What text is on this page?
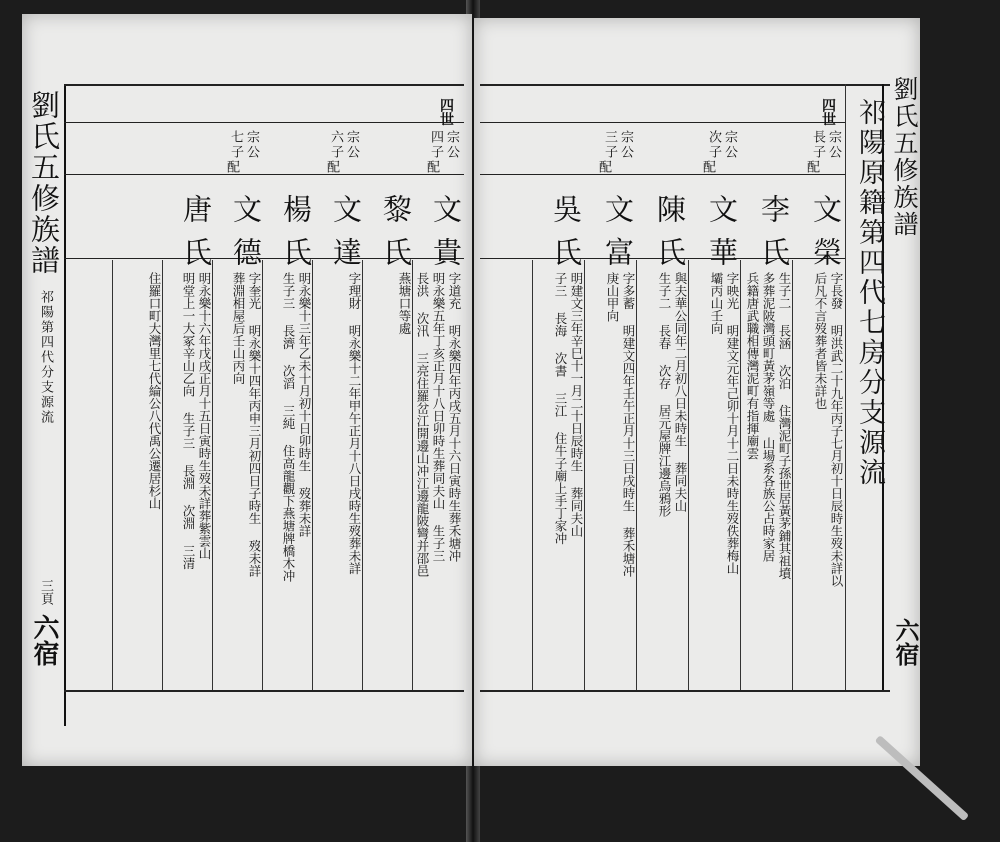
劉氏五修族譜
祁陽第四代分支源流
三頁
六宿
四世
宗公
四子
配
文貴
字道充 明永樂四年丙戌五月十六日寅時生葬禾塘冲
明永樂五年丁亥正月十八日卯時生葬同夫山 生子三
長洪 次汛 三亮住羅岔江開邊山冲江邊龍陂彎并邵邑
黎氏
燕塘口等處
宗公
六子
配
文達
字理財 明永樂十二年甲午正月十八日戌時生歿葬未詳
楊氏
明永樂十三年乙未十月初十日卯時生 歿葬未詳
生子三 長濟 次滔 三純 住高龍觀下燕塘牌橋木冲
宗公
七子
配
文德
字奎光 明永樂十四年丙申三月初四日子時生 歿未詳
葬淵相屋后壬山丙向
唐氏
明永樂十六年戊戌正月十五日寅時生歿未詳葬紫雲山
明堂上一大冢辛山乙向 生子三 長淵 次淵 三清
住羅口町大灣里七代綸公八代禹公遷居杉山	祁陽原籍第四代七房分支源流 劉氏五修族譜
六宿
四世
宗公
長子
配
文榮
字長發 明洪武二十九年丙子七月初十日辰時生歿未詳以
后凡不言歿葬者皆未詳也
李氏
生子二 長涵 次泊 住灣泥町子孫世居黃茅鋪其祖墳
多葬泥陂灣頭町黃茅嶺等處 山場系各族公占時家居
兵籍唐武職相傳灣泥町有指揮廟雲
宗公
次子
配
文華
字映光 明建文元年己卯十月十二日未時生歿佚葬梅山
壩丙山壬向
陳氏
與夫華公同年二月初八日未時生 葬同夫山
生子二 長春 次存 居元屋牌江邊烏鴉形
宗公
三子
配
文富
字多蓄 明建文四年壬午正月十三日戌時生 葬禾塘冲
庚山甲向
吳氏
明建文三年辛巳十一月二十日辰時生 葬同夫山
子三 長海 次書 三江 住牛子廟上手丁家冲
